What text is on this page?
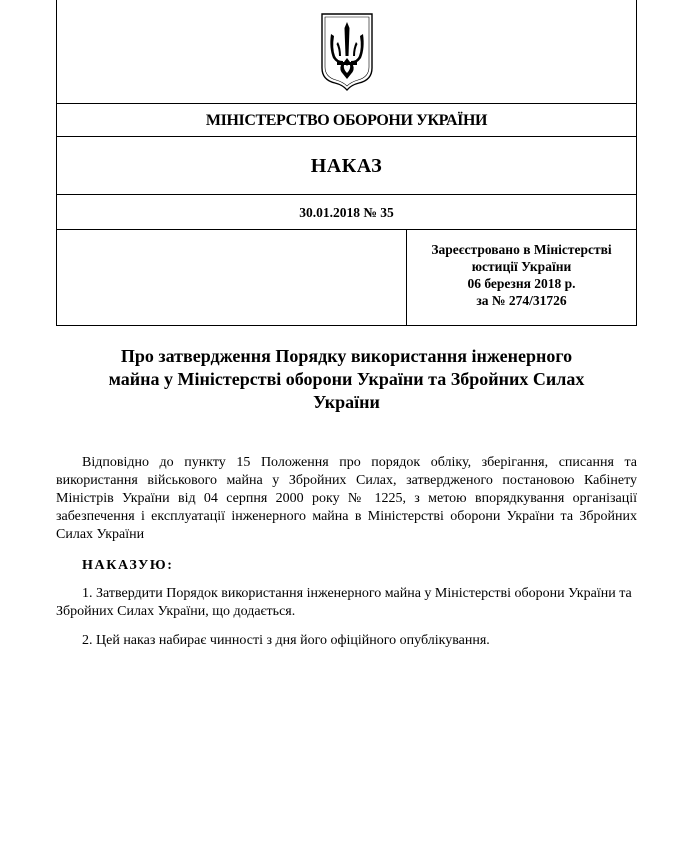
МІНІСТЕРСТВО ОБОРОНИ УКРАЇНИ
НАКАЗ
30.01.2018 № 35
Зареєстровано в Міністерстві
юстиції України
06 березня 2018 р.
за № 274/31726
Про затвердження Порядку використання інженерного
майна у Міністерстві оборони України та Збройних Силах
України
Відповідно до пункту 15 Положення про порядок обліку, зберігання, списання та використання військового майна у Збройних Силах, затвердженого постановою Кабінету Міністрів України від 04 серпня 2000 року № 1225, з метою впорядкування організації забезпечення і експлуатації інженерного майна в Міністерстві оборони України та Збройних Силах України
НАКАЗУЮ:
1. Затвердити Порядок використання інженерного майна у Міністерстві оборони України та Збройних Силах України, що додається.
2. Цей наказ набирає чинності з дня його офіційного опублікування.
